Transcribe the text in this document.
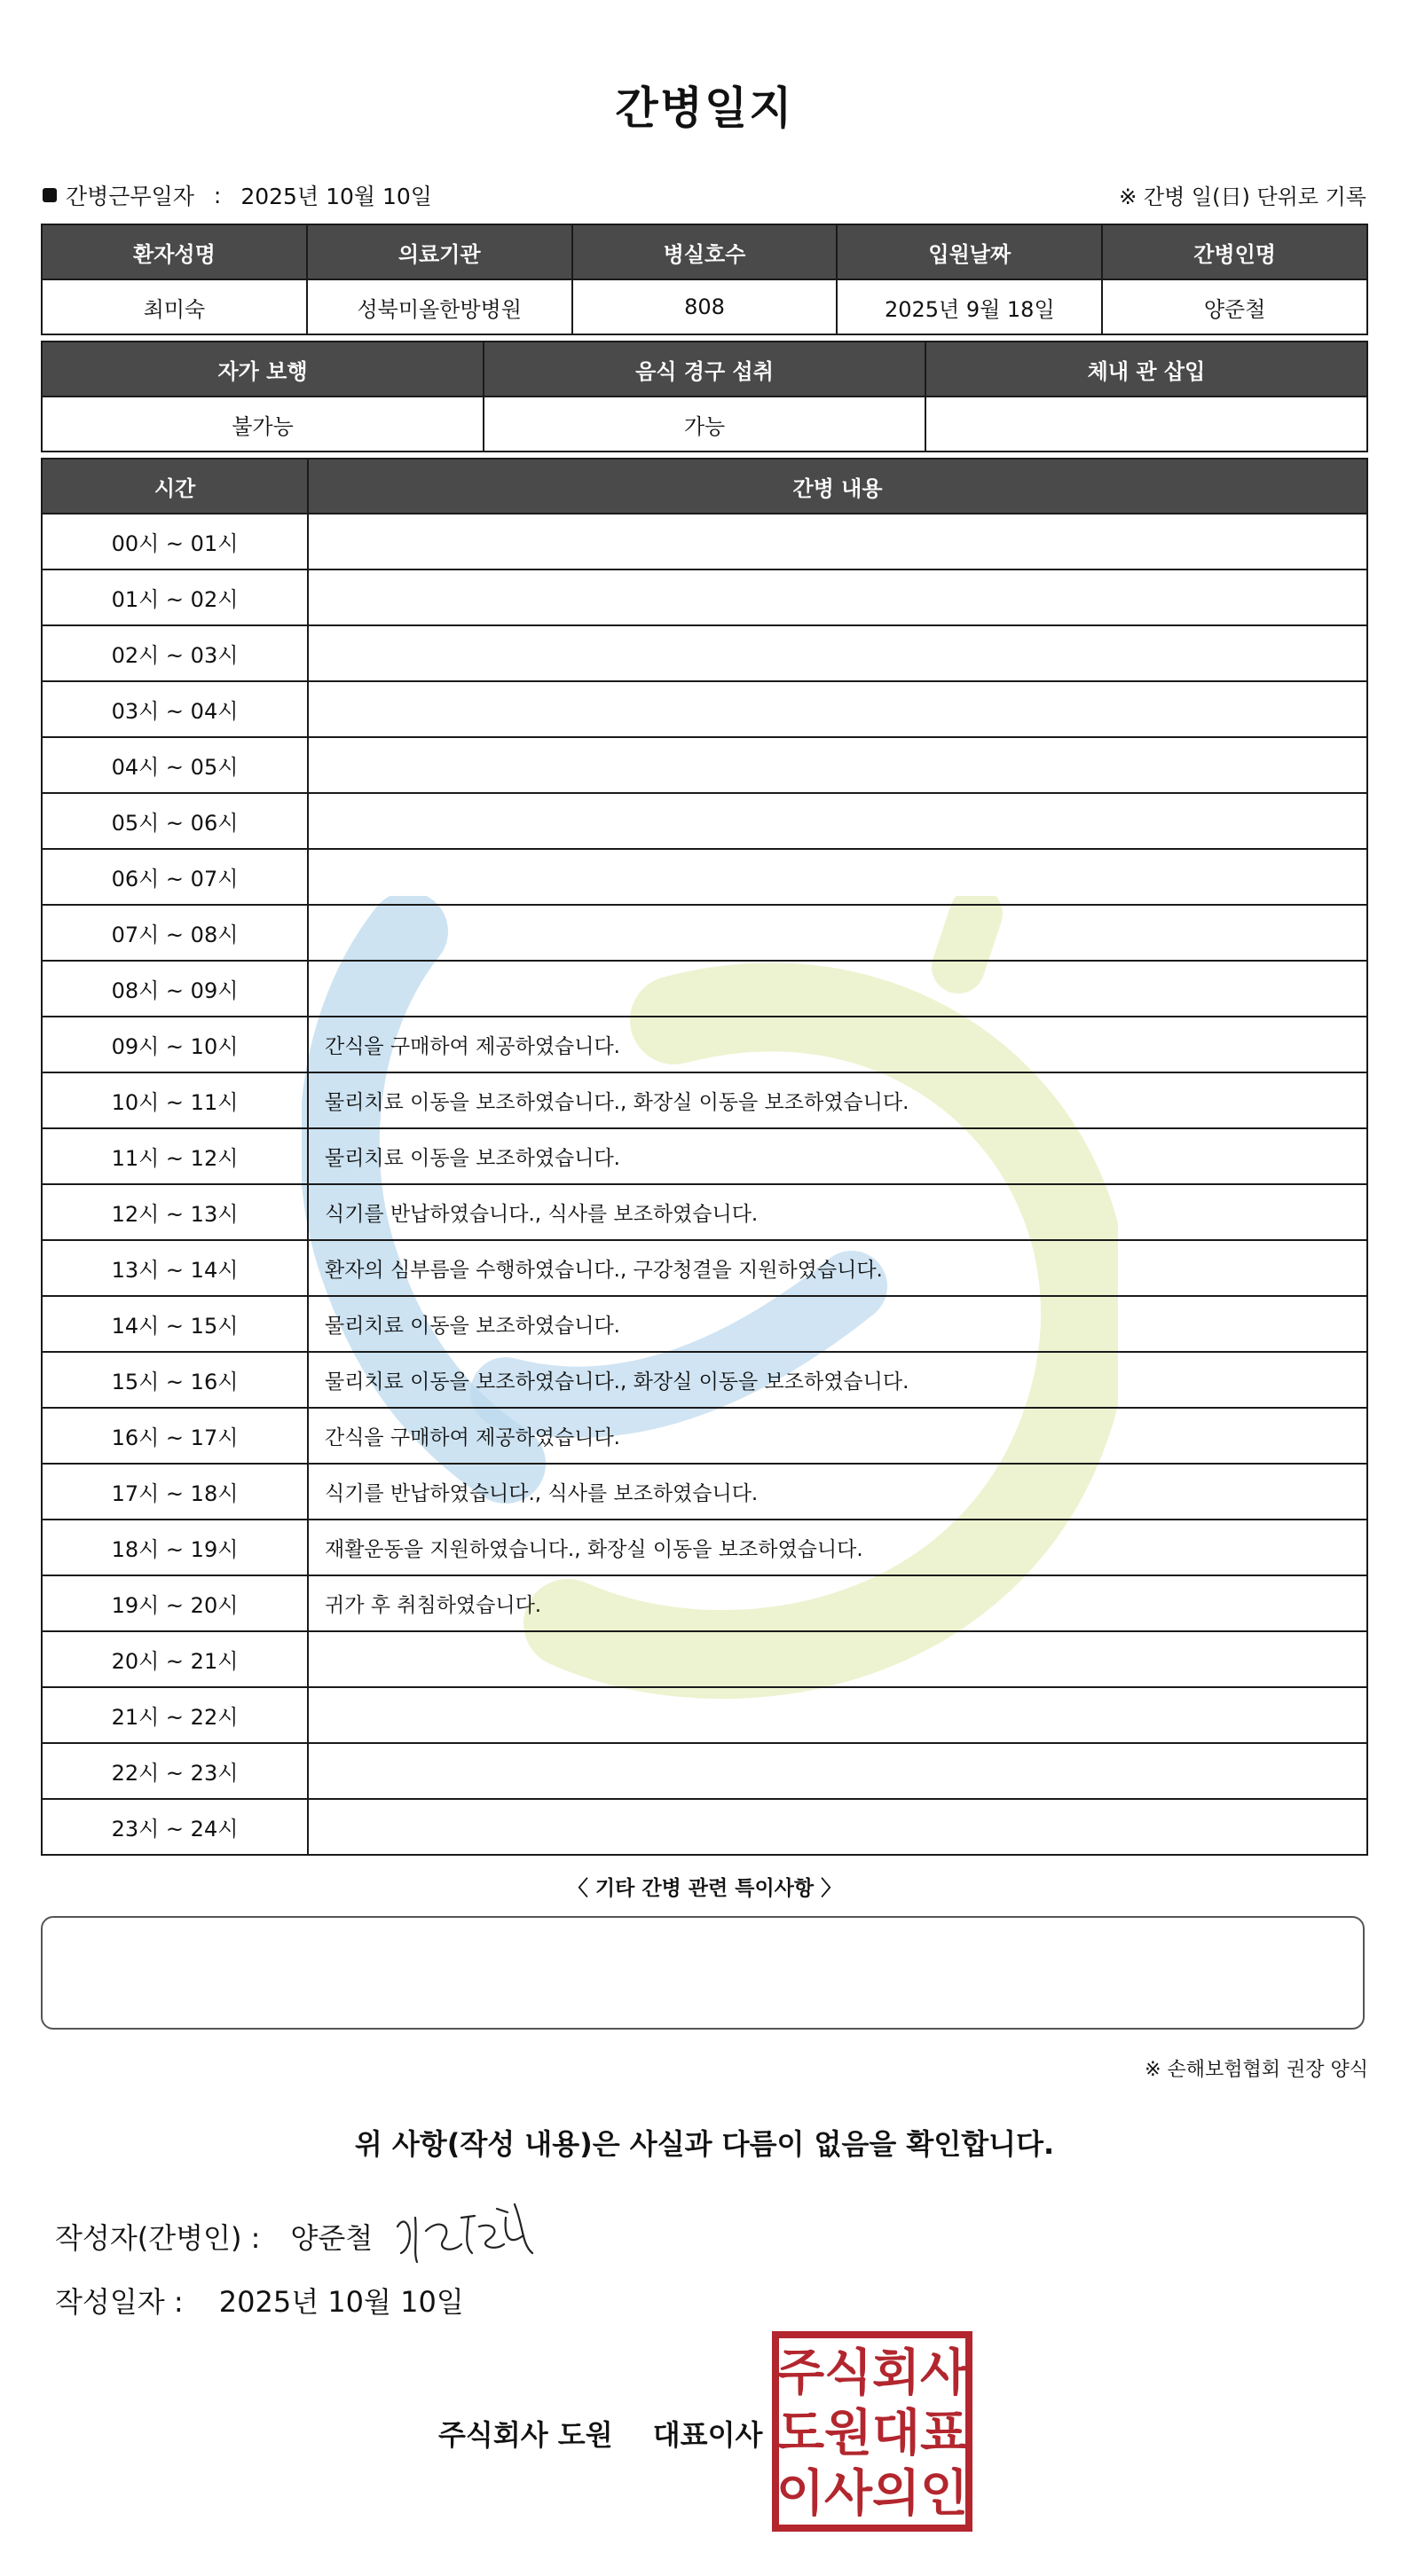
간병일지
간병근무일자 : 2025년 10월 10일	※ 간병 일(日) 단위로 기록
환자성명	의료기관	병실호수	입원날짜	간병인명
최미숙	성북미올한방병원	808	2025년 9월 18일	양준철
자가 보행	음식 경구 섭취	체내 관 삽입
불가능	가능	
시간	간병 내용
00시 ~ 01시	
01시 ~ 02시	
02시 ~ 03시	
03시 ~ 04시	
04시 ~ 05시	
05시 ~ 06시	
06시 ~ 07시	
07시 ~ 08시	
08시 ~ 09시	
09시 ~ 10시	간식을 구매하여 제공하였습니다.
10시 ~ 11시	물리치료 이동을 보조하였습니다., 화장실 이동을 보조하였습니다.
11시 ~ 12시	물리치료 이동을 보조하였습니다.
12시 ~ 13시	식기를 반납하였습니다., 식사를 보조하였습니다.
13시 ~ 14시	환자의 심부름을 수행하였습니다., 구강청결을 지원하였습니다.
14시 ~ 15시	물리치료 이동을 보조하였습니다.
15시 ~ 16시	물리치료 이동을 보조하였습니다., 화장실 이동을 보조하였습니다.
16시 ~ 17시	간식을 구매하여 제공하였습니다.
17시 ~ 18시	식기를 반납하였습니다., 식사를 보조하였습니다.
18시 ~ 19시	재활운동을 지원하였습니다., 화장실 이동을 보조하였습니다.
19시 ~ 20시	귀가 후 취침하였습니다.
20시 ~ 21시	
21시 ~ 22시	
22시 ~ 23시	
23시 ~ 24시	
〈 기타 간병 관련 특이사항 〉
※ 손해보험협회 권장 양식
위 사항(작성 내용)은 사실과 다름이 없음을 확인합니다.
작성자(간병인) : 양준철
작성일자 : 2025년 10월 10일
주식회사 도원 대표이사
주 식 회 사
도 원 대 표
이 사 의 인
